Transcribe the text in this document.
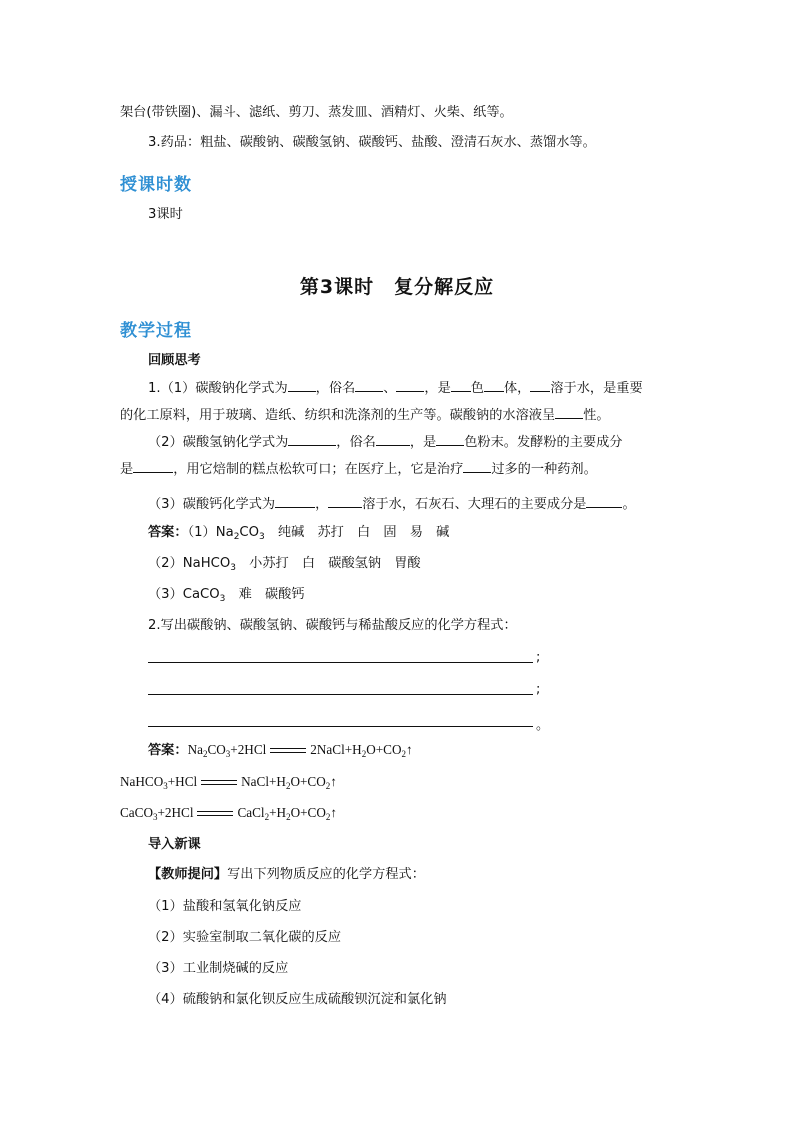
架台(带铁圈)、漏斗、滤纸、剪刀、蒸发皿、酒精灯、火柴、纸等。
3.药品：粗盐、碳酸钠、碳酸氢钠、碳酸钙、盐酸、澄清石灰水、蒸馏水等。
授课时数
3课时
第3课时　复分解反应
教学过程
回顾思考
1.（1）碳酸钠化学式为 ，俗名 、 ，是 色 体， 溶于水，是重要
的化工原料，用于玻璃、造纸、纺织和洗涤剂的生产等。碳酸钠的水溶液呈 性。
（2）碳酸氢钠化学式为	，俗名	，是 色粉末。发酵粉的主要成分
是	，用它焙制的糕点松软可口；在医疗上，它是治疗 过多的一种药剂。
（3）碳酸钙化学式为	，	溶于水，石灰石、大理石的主要成分是	。
答案：$(1)Na_2CO_3$　纯碱　苏打　白　固　易　碱
（2）NaHCO$_3$　小苏打　白　碳酸氢钠　胃酸
（3）CaCO$_3$　难　碳酸钙
2.写出碳酸钠、碳酸氢钠、碳酸钙与稀盐酸反应的化学方程式：
;
;
。
答案：$Na_2CO_3+2HCl$	$2NaCl+H_2O+CO_2↑$
NaHCO$_3$+HCl	$NaCl+H_2O+CO_2↑$
CaCO$_3$+2HCl	$CaCl_2+H_2O+CO_2↑$
导入新课
【教师提问】写出下列物质反应的化学方程式：
（1）盐酸和氢氧化钠反应
（2）实验室制取二氧化碳的反应
（3）工业制烧碱的反应
（4）硫酸钠和氯化钡反应生成硫酸钡沉淀和氯化钠
